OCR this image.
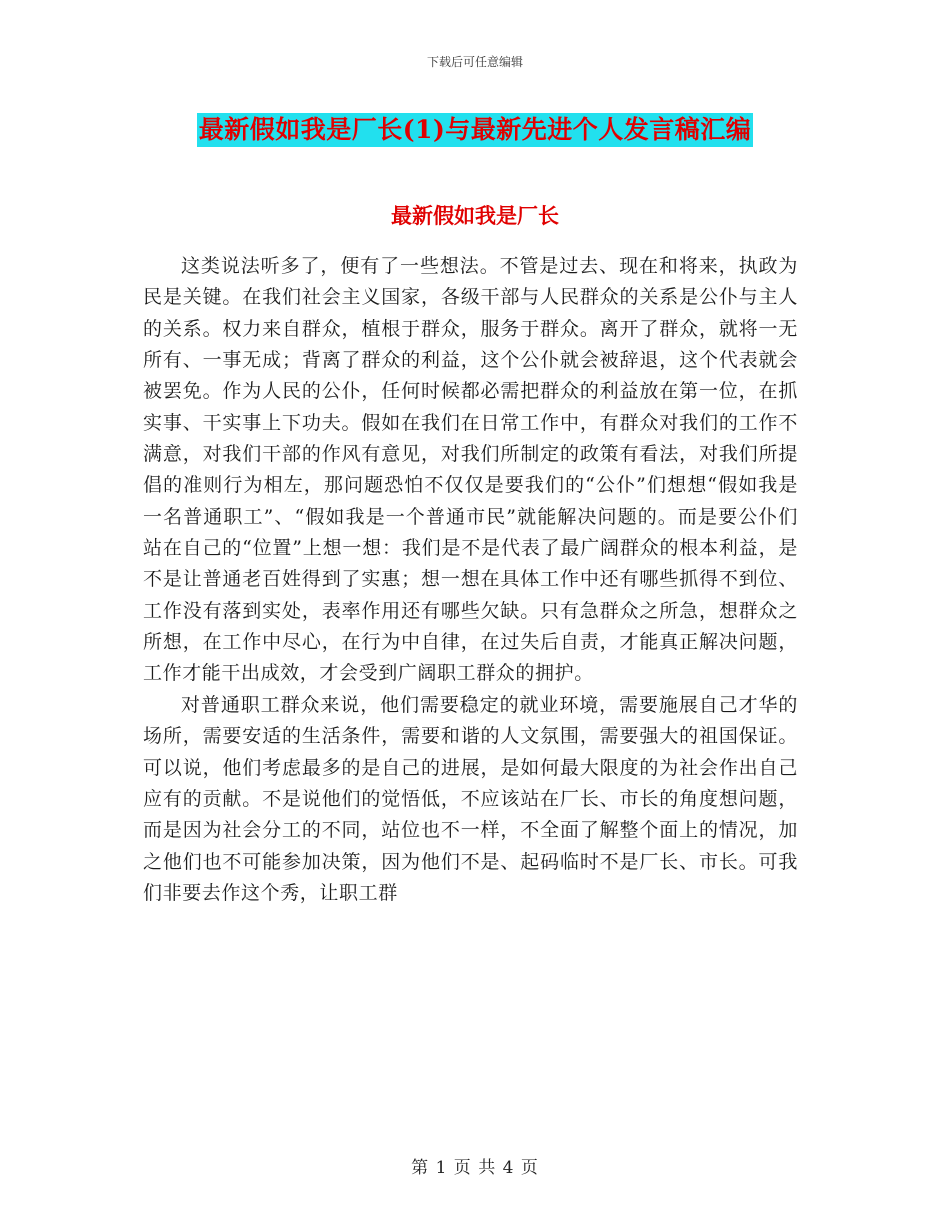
下载后可任意编辑
最新假如我是厂长(1)与最新先进个人发言稿汇编
最新假如我是厂长

这类说法听多了，便有了一些想法。不管是过去、现在和将来，执政为民是关键。在我们社会主义国家，各级干部与人民群众的关系是公仆与主人的关系。权力来自群众，植根于群众，服务于群众。离开了群众，就将一无所有、一事无成；背离了群众的利益，这个公仆就会被辞退，这个代表就会被罢免。作为人民的公仆，任何时候都必需把群众的利益放在第一位，在抓实事、干实事上下功夫。假如在我们在日常工作中，有群众对我们的工作不满意，对我们干部的作风有意见，对我们所制定的政策有看法，对我们所提倡的准则行为相左，那问题恐怕不仅仅是要我们的“公仆”们想想“假如我是一名普通职工”、“假如我是一个普通市民”就能解决问题的。而是要公仆们站在自己的“位置”上想一想：我们是不是代表了最广阔群众的根本利益，是不是让普通老百姓得到了实惠；想一想在具体工作中还有哪些抓得不到位、工作没有落到实处，表率作用还有哪些欠缺。只有急群众之所急，想群众之所想，在工作中尽心，在行为中自律，在过失后自责，才能真正解决问题，工作才能干出成效，才会受到广阔职工群众的拥护。

对普通职工群众来说，他们需要稳定的就业环境，需要施展自己才华的场所，需要安适的生活条件，需要和谐的人文氛围，需要强大的祖国保证。可以说，他们考虑最多的是自己的进展，是如何最大限度的为社会作出自己应有的贡献。不是说他们的觉悟低，不应该站在厂长、市长的角度想问题，而是因为社会分工的不同，站位也不一样，不全面了解整个面上的情况，加之他们也不可能参加决策，因为他们不是、起码临时不是厂长、市长。可我们非要去作这个秀，让职工群

第 1 页 共 4 页
